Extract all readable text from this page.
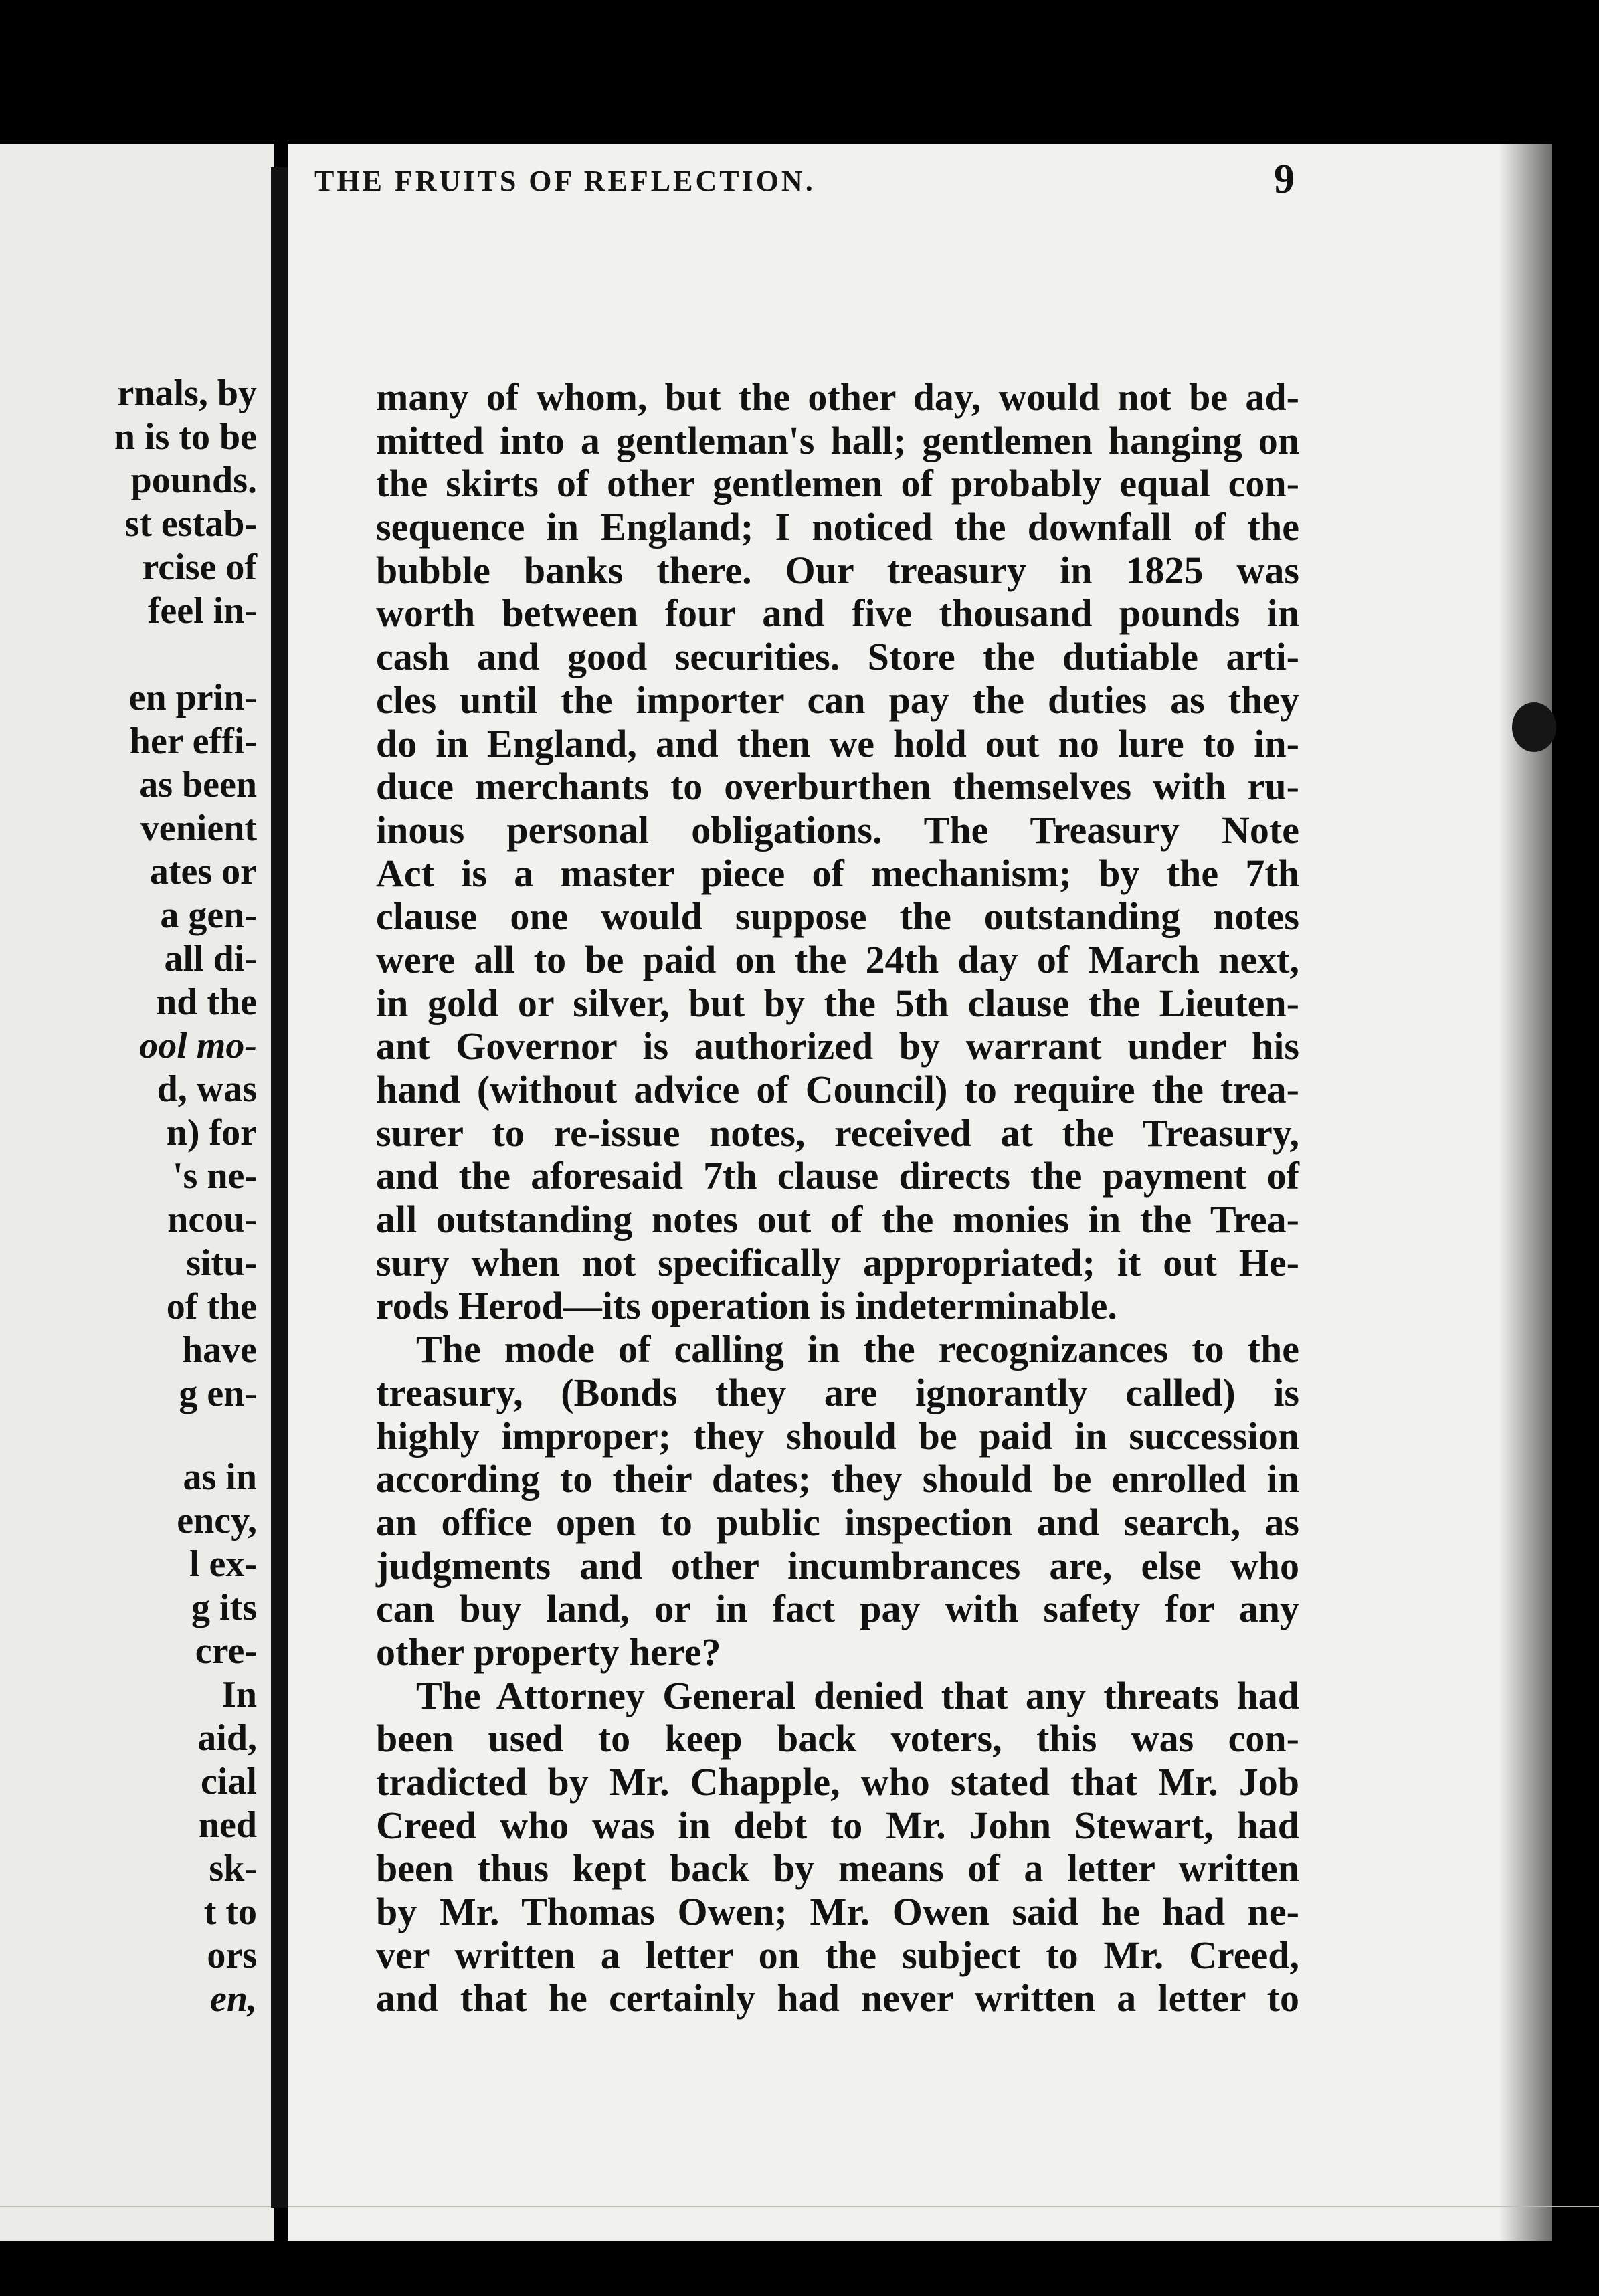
rnals, by
n is to be
pounds.
st estab-
rcise of
feel in-
en prin-
her effi-
as been
venient
ates or
a gen-
all di-
nd the
ool mo-
d, was
n) for
's ne-
ncou-
situ-
of the
have
g en-
as in
ency,
l ex-
g its
cre-
In
aid,
cial
ned
sk-
t to
ors
en,
THE FRUITS OF REFLECTION.	9
many of whom, but the other day, would not be ad-
mitted into a gentleman's hall; gentlemen hanging on
the skirts of other gentlemen of probably equal con-
sequence in England; I noticed the downfall of the
bubble banks there. Our treasury in 1825 was
worth between four and five thousand pounds in
cash and good securities. Store the dutiable arti-
cles until the importer can pay the duties as they
do in England, and then we hold out no lure to in-
duce merchants to overburthen themselves with ru-
inous personal obligations. The Treasury Note
Act is a master piece of mechanism; by the 7th
clause one would suppose the outstanding notes
were all to be paid on the 24th day of March next,
in gold or silver, but by the 5th clause the Lieuten-
ant Governor is authorized by warrant under his
hand (without advice of Council) to require the trea-
surer to re-issue notes, received at the Treasury,
and the aforesaid 7th clause directs the payment of
all outstanding notes out of the monies in the Trea-
sury when not specifically appropriated; it out He-
rods Herod—its operation is indeterminable.
The mode of calling in the recognizances to the
treasury, (Bonds they are ignorantly called) is
highly improper; they should be paid in succession
according to their dates; they should be enrolled in
an office open to public inspection and search, as
judgments and other incumbrances are, else who
can buy land, or in fact pay with safety for any
other property here?
The Attorney General denied that any threats had
been used to keep back voters, this was con-
tradicted by Mr. Chapple, who stated that Mr. Job
Creed who was in debt to Mr. John Stewart, had
been thus kept back by means of a letter written
by Mr. Thomas Owen; Mr. Owen said he had ne-
ver written a letter on the subject to Mr. Creed,
and that he certainly had never written a letter to
